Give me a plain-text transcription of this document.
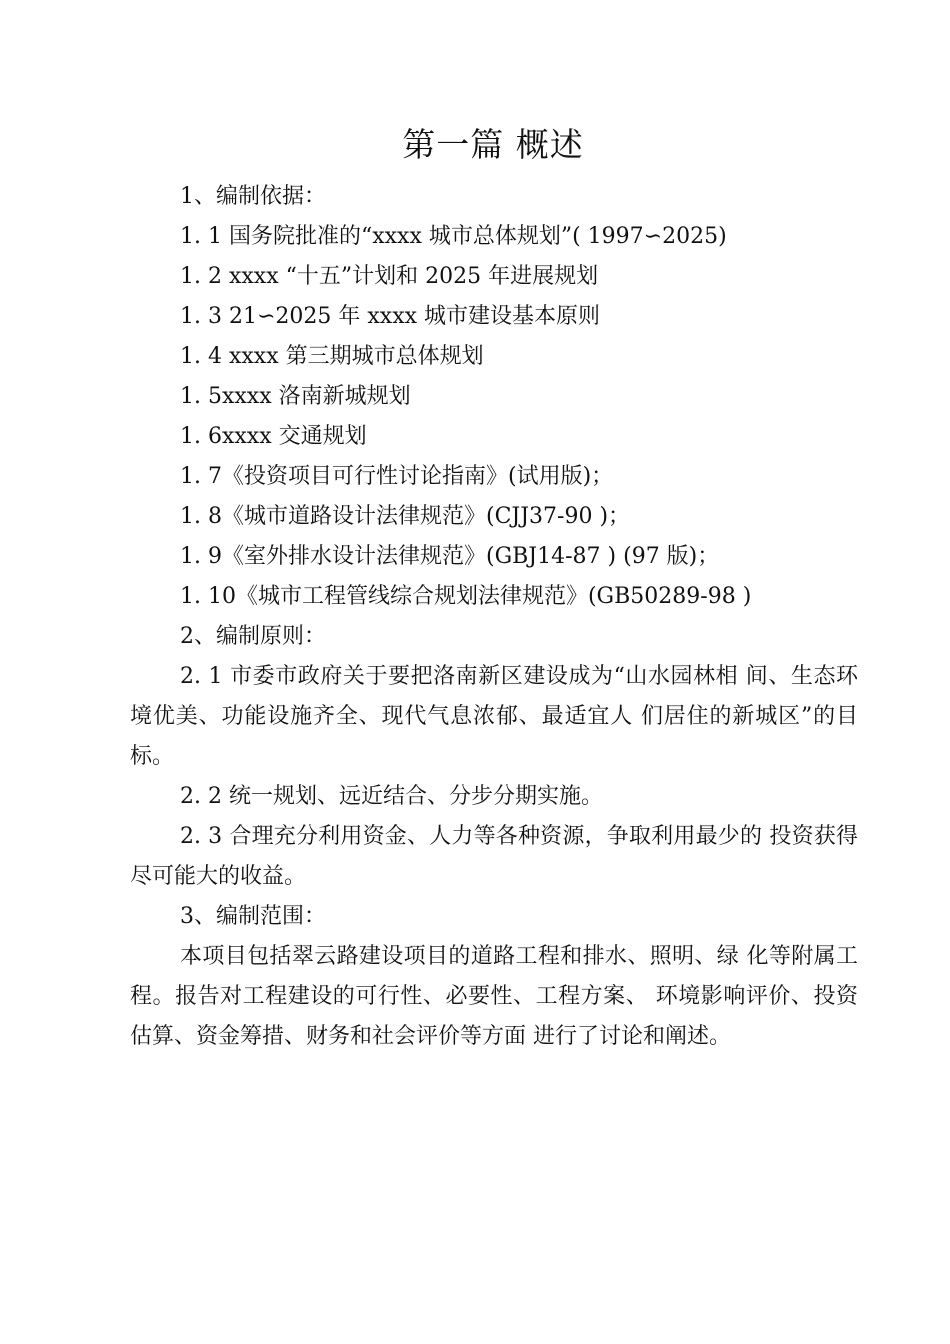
第一篇 概述
1、编制依据：
1. 1 国务院批准的“xxxx 城市总体规划”( 1997∽2025)
1. 2 xxxx “十五”计划和 2025 年进展规划
1. 3 21∽2025 年 xxxx 城市建设基本原则
1. 4 xxxx 第三期城市总体规划
1. 5xxxx 洛南新城规划
1. 6xxxx 交通规划
1. 7《投资项目可行性讨论指南》(试用版)；
1. 8《城市道路设计法律规范》(CJJ37-90 )；
1. 9《室外排水设计法律规范》(GBJ14-87 ) (97 版)；
1. 10《城市工程管线综合规划法律规范》(GB50289-98 )
2、编制原则：
2. 1 市委市政府关于要把洛南新区建设成为“山水园林相 间、生态环境优美、功能设施齐全、现代气息浓郁、最适宜人 们居住的新城区”的目标。
2. 2 统一规划、远近结合、分步分期实施。
2. 3 合理充分利用资金、人力等各种资源，争取利用最少的 投资获得尽可能大的收益。
3、编制范围：
本项目包括翠云路建设项目的道路工程和排水、照明、绿 化等附属工程。报告对工程建设的可行性、必要性、工程方案、 环境影响评价、投资估算、资金筹措、财务和社会评价等方面 进行了讨论和阐述。
